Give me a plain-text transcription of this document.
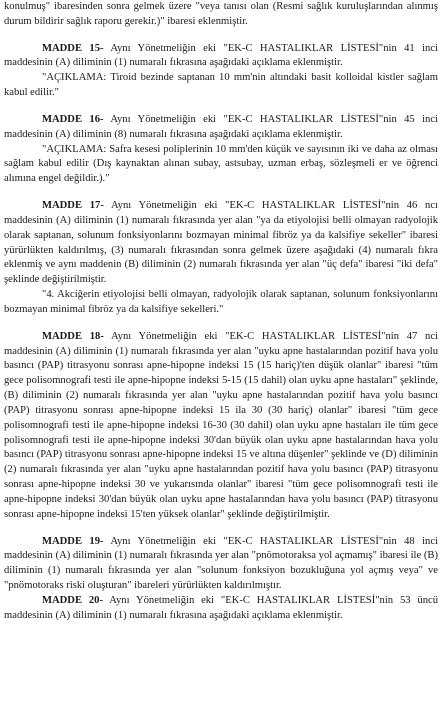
konulmuş" ibaresinden sonra gelmek üzere "veya tanısı olan (Resmi sağlık kuruluşlarından alınmış durum bildirir sağlık raporu gerekir.)" ibaresi eklenmiştir.

MADDE 15- Aynı Yönetmeliğin eki "EK-C HASTALIKLAR LİSTESİ"nin 41 inci maddesinin (A) diliminin (1) numaralı fıkrasına aşağıdaki açıklama eklenmiştir.

"AÇIKLAMA: Tiroid bezinde saptanan 10 mm'nin altındaki basit kolloidal kistler sağlam kabul edilir."

MADDE 16- Aynı Yönetmeliğin eki "EK-C HASTALIKLAR LİSTESİ"nin 45 inci maddesinin (A) diliminin (8) numaralı fıkrasına aşağıdaki açıklama eklenmiştir.

"AÇIKLAMA: Safra kesesi poliplerinin 10 mm'den küçük ve sayısının iki ve daha az olması sağlam kabul edilir (Dış kaynaktan alınan subay, astsubay, uzman erbaş, sözleşmeli er ve öğrenci alımına engel değildir.)."

MADDE 17- Aynı Yönetmeliğin eki "EK-C HASTALIKLAR LİSTESİ"nin 46 ncı maddesinin (A) diliminin (1) numaralı fıkrasında yer alan "ya da etiyolojisi belli olmayan radyolojik olarak saptanan, solunum fonksiyonlarını bozmayan minimal fibröz ya da kalsifiye sekeller" ibaresi yürürlükten kaldırılmış, (3) numaralı fıkrasından sonra gelmek üzere aşağıdaki (4) numaralı fıkra eklenmiş ve aynı maddenin (B) diliminin (2) numaralı fıkrasında yer alan "üç defa" ibaresi "iki defa" şeklinde değiştirilmiştir.

"4. Akciğerin etiyolojisi belli olmayan, radyolojik olarak saptanan, solunum fonksiyonlarını bozmayan minimal fibröz ya da kalsifiye sekelleri."

MADDE 18- Aynı Yönetmeliğin eki "EK-C HASTALIKLAR LİSTESİ"nin 47 nci maddesinin (A) diliminin (1) numaralı fıkrasında yer alan "uyku apne hastalarından pozitif hava yolu basıncı (PAP) titrasyonu sonrası apne-hipopne indeksi 15 (15 hariç)'ten düşük olanlar" ibaresi "tüm gece polisomnografi testi ile apne-hipopne indeksi 5-15 (15 dahil) olan uyku apne hastaları" şeklinde, (B) diliminin (2) numaralı fıkrasında yer alan "uyku apne hastalarından pozitif hava yolu basıncı (PAP) titrasyonu sonrası apne-hipopne indeksi 15 ila 30 (30 hariç) olanlar" ibaresi "tüm gece polisomnografi testi ile apne-hipopne indeksi 16-30 (30 dahil) olan uyku apne hastaları ile tüm gece polisomnografi testi ile apne-hipopne indeksi 30'dan büyük olan uyku apne hastalarından hava yolu basıncı (PAP) titrasyonu sonrası apne-hipopne indeksi 15 ve altına düşenler" şeklinde ve (D) diliminin (2) numaralı fıkrasında yer alan "uyku apne hastalarından pozitif hava yolu basıncı (PAP) titrasyonu sonrası apne-hipopne indeksi 30 ve yukarısında olanlar" ibaresi "tüm gece polisomnografi testi ile apne-hipopne indeksi 30'dan büyük olan uyku apne hastalarından hava yolu basıncı (PAP) titrasyonu sonrası apne-hipopne indeksi 15'ten yüksek olanlar" şeklinde değiştirilmiştir.

MADDE 19- Aynı Yönetmeliğin eki "EK-C HASTALIKLAR LİSTESİ"nin 48 inci maddesinin (A) diliminin (1) numaralı fıkrasında yer alan "pnömotoraksa yol açmamış" ibaresi ile (B) diliminin (1) numaralı fıkrasında yer alan "solunum fonksiyon bozukluğuna yol açmış veya" ve "pnömotoraks riski oluşturan" ibareleri yürürlükten kaldırılmıştır.

MADDE 20- Aynı Yönetmeliğin eki "EK-C HASTALIKLAR LİSTESİ"nin 53 üncü maddesinin (A) diliminin (1) numaralı fıkrasına aşağıdaki açıklama eklenmiştir.
